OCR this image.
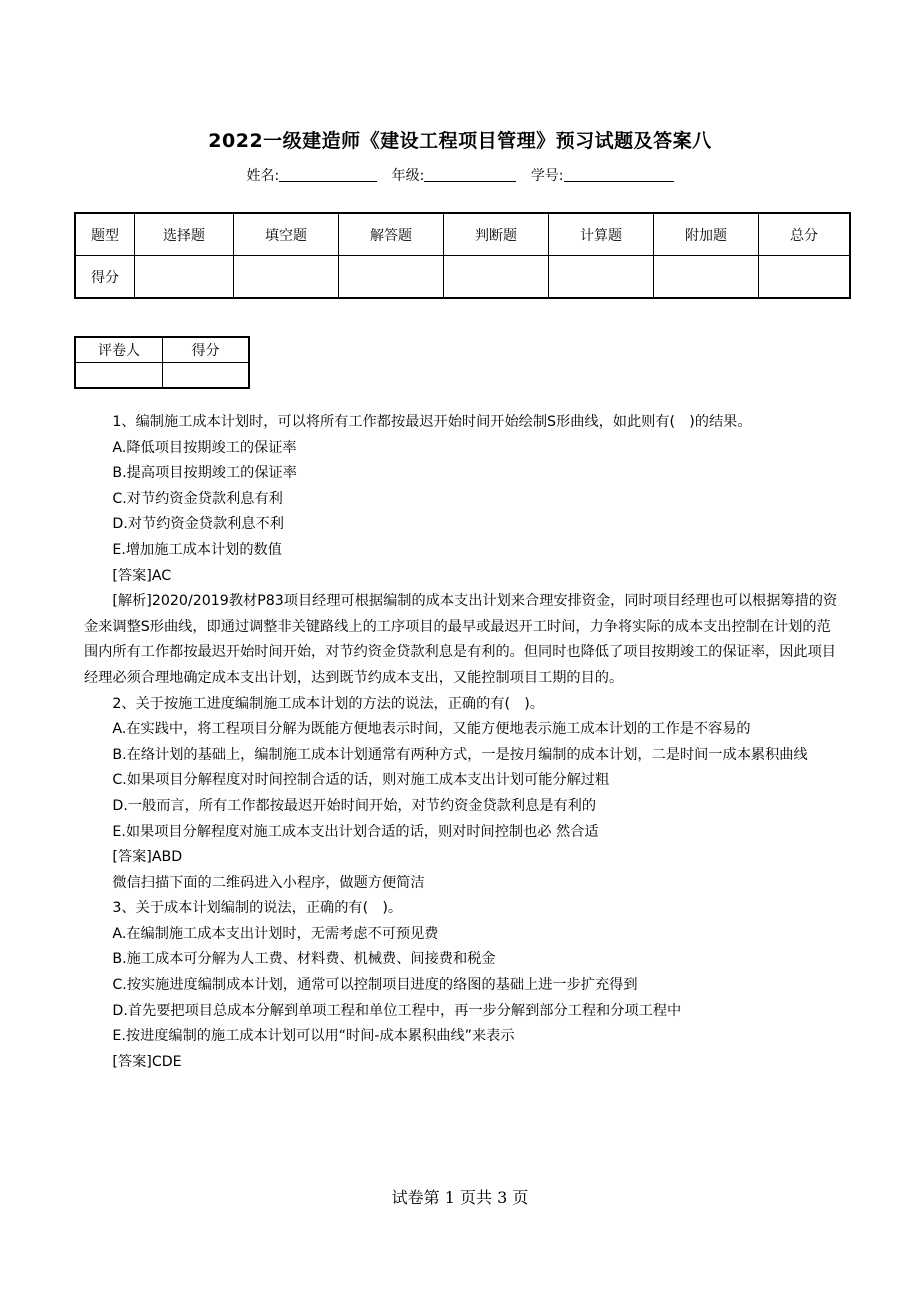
2022一级建造师《建设工程项目管理》预习试题及答案八
姓名:	年级:	学号:
题型	选择题	填空题	解答题	判断题	计算题	附加题	总分
得分							
评卷人	得分

1、编制施工成本计划时，可以将所有工作都按最迟开始时间开始绘制S形曲线，如此则有(　)的结果。

A.降低项目按期竣工的保证率

B.提高项目按期竣工的保证率

C.对节约资金贷款利息有利

D.对节约资金贷款利息不利

E.增加施工成本计划的数值

[答案]AC

[解析]2020/2019教材P83项目经理可根据编制的成本支出计划来合理安排资金，同时项目经理也可以根据筹措的资金来调整S形曲线，即通过调整非关键路线上的工序项目的最早或最迟开工时间，力争将实际的成本支出控制在计划的范围内所有工作都按最迟开始时间开始，对节约资金贷款利息是有利的。但同时也降低了项目按期竣工的保证率，因此项目经理必须合理地确定成本支出计划，达到既节约成本支出，又能控制项目工期的目的。

2、关于按施工进度编制施工成本计划的方法的说法，正确的有(　)。

A.在实践中，将工程项目分解为既能方便地表示时间，又能方便地表示施工成本计划的工作是不容易的

B.在络计划的基础上，编制施工成本计划通常有两种方式，一是按月编制的成本计划，二是时间一成本累积曲线

C.如果项目分解程度对时间控制合适的话，则对施工成本支出计划可能分解过粗

D.一般而言，所有工作都按最迟开始时间开始，对节约资金贷款利息是有利的

E.如果项目分解程度对施工成本支出计划合适的话，则对时间控制也必 然合适

[答案]ABD

微信扫描下面的二维码进入小程序，做题方便简洁

3、关于成本计划编制的说法，正确的有(　)。

A.在编制施工成本支出计划时，无需考虑不可预见费

B.施工成本可分解为人工费、材料费、机械费、间接费和税金

C.按实施进度编制成本计划，通常可以控制项目进度的络图的基础上进一步扩充得到

D.首先要把项目总成本分解到单项工程和单位工程中，再一步分解到部分工程和分项工程中

E.按进度编制的施工成本计划可以用“时间-成本累积曲线”来表示

[答案]CDE

试卷第 1 页共 3 页
